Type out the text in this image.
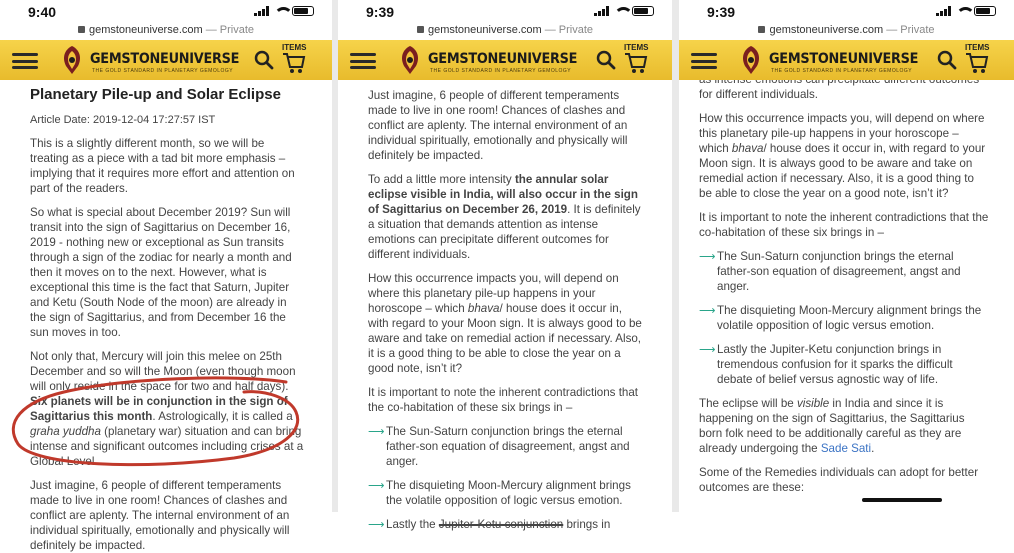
9:40
gemstoneuniverse.com — Private
GEMSTONEUNIVERSE
THE GOLD STANDARD IN PLANETARY GEMOLOGY
ITEMS
Planetary Pile-up and Solar Eclipse
Article Date: 2019-12-04 17:27:57 IST

This is a slightly different month, so we will be treating as a piece with a tad bit more emphasis – implying that it requires more effort and attention on part of the readers.

So what is special about December 2019? Sun will transit into the sign of Sagittarius on December 16, 2019 - nothing new or exceptional as Sun transits through a sign of the zodiac for nearly a month and then it moves on to the next. However, what is exceptional this time is the fact that Saturn, Jupiter and Ketu (South Node of the moon) are already in the sign of Sagittarius, and from December 16 the sun moves in too.

Not only that, Mercury will join this melee on 25th December and so will the Moon (even though moon will only reside in the space for two and half days). Six planets will be in conjunction in the sign of Sagittarius this month. Astrologically, it is called a graha yuddha (planetary war) situation and can bring intense and significant outcomes including crises at a Global Level.

Just imagine, 6 people of different temperaments made to live in one room! Chances of clashes and conflict are aplenty. The internal environment of an individual spiritually, emotionally and physically will definitely be impacted.

9:39
gemstoneuniverse.com — Private
GEMSTONEUNIVERSE
THE GOLD STANDARD IN PLANETARY GEMOLOGY
ITEMS

Just imagine, 6 people of different temperaments made to live in one room! Chances of clashes and conflict are aplenty. The internal environment of an individual spiritually, emotionally and physically will definitely be impacted.

To add a little more intensity the annular solar eclipse visible in India, will also occur in the sign of Sagittarius on December 26, 2019. It is definitely a situation that demands attention as intense emotions can precipitate different outcomes for different individuals.

How this occurrence impacts you, will depend on where this planetary pile-up happens in your horoscope – which bhava/ house does it occur in, with regard to your Moon sign. It is always good to be aware and take on remedial action if necessary. Also, it is a good thing to be able to close the year on a good note, isn’t it?

It is important to note the inherent contradictions that the co-habitation of these six brings in –

⟶ The Sun-Saturn conjunction brings the eternal father-son equation of disagreement, angst and anger.
⟶ The disquieting Moon-Mercury alignment brings the volatile opposition of logic versus emotion.
⟶ Lastly the Jupiter-Ketu conjunction brings in
9:39
gemstoneuniverse.com — Private
GEMSTONEUNIVERSE
THE GOLD STANDARD IN PLANETARY GEMOLOGY
ITEMS

for different individuals.

How this occurrence impacts you, will depend on where this planetary pile-up happens in your horoscope – which bhava/ house does it occur in, with regard to your Moon sign. It is always good to be aware and take on remedial action if necessary. Also, it is a good thing to be able to close the year on a good note, isn’t it?

It is important to note the inherent contradictions that the co-habitation of these six brings in –

⟶ The Sun-Saturn conjunction brings the eternal father-son equation of disagreement, angst and anger.
⟶ The disquieting Moon-Mercury alignment brings the volatile opposition of logic versus emotion.
⟶ Lastly the Jupiter-Ketu conjunction brings in tremendous confusion for it sparks the difficult debate of belief versus agnostic way of life.

The eclipse will be visible in India and since it is happening on the sign of Sagittarius, the Sagittarius born folk need to be additionally careful as they are already undergoing the Sade Sati.

Some of the Remedies individuals can adopt for better outcomes are these:
